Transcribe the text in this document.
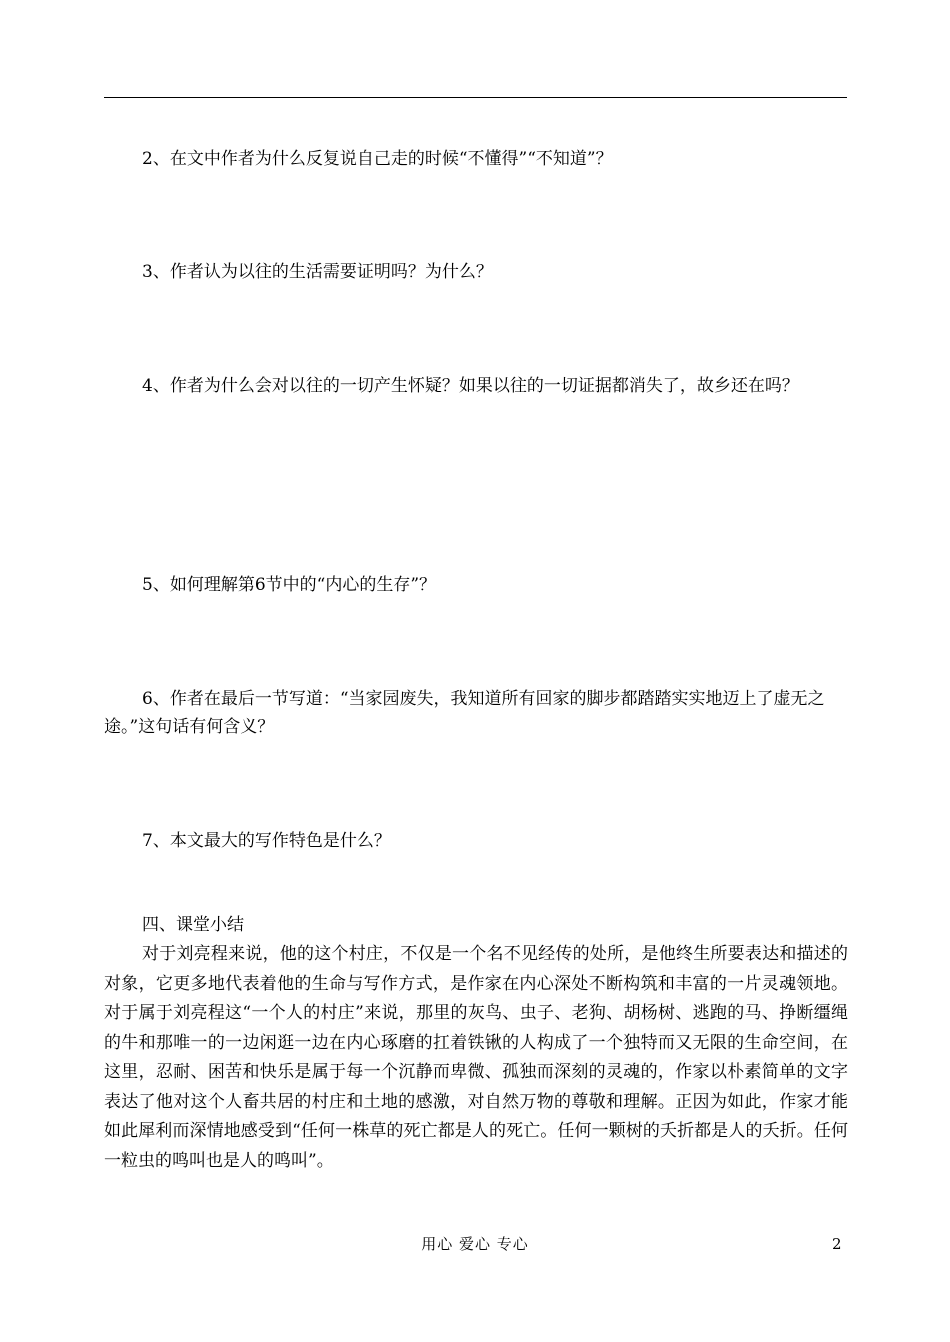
2、在文中作者为什么反复说自己走的时候“不懂得”“不知道”？
3、作者认为以往的生活需要证明吗？为什么？
4、作者为什么会对以往的一切产生怀疑？如果以往的一切证据都消失了，故乡还在吗？
5、如何理解第6节中的“内心的生存”？
6、作者在最后一节写道：“当家园废失，我知道所有回家的脚步都踏踏实实地迈上了虚无之途。”这句话有何含义？
7、本文最大的写作特色是什么？
四、课堂小结
对于刘亮程来说，他的这个村庄，不仅是一个名不见经传的处所，是他终生所要表达和描述的对象，它更多地代表着他的生命与写作方式，是作家在内心深处不断构筑和丰富的一片灵魂领地。对于属于刘亮程这“一个人的村庄”来说，那里的灰鸟、虫子、老狗、胡杨树、逃跑的马、挣断缰绳的牛和那唯一的一边闲逛一边在内心琢磨的扛着铁锹的人构成了一个独特而又无限的生命空间，在这里，忍耐、困苦和快乐是属于每一个沉静而卑微、孤独而深刻的灵魂的，作家以朴素简单的文字表达了他对这个人畜共居的村庄和土地的感激，对自然万物的尊敬和理解。正因为如此，作家才能如此犀利而深情地感受到“任何一株草的死亡都是人的死亡。任何一颗树的夭折都是人的夭折。任何一粒虫的鸣叫也是人的鸣叫”。
用心 爱心 专心	2
